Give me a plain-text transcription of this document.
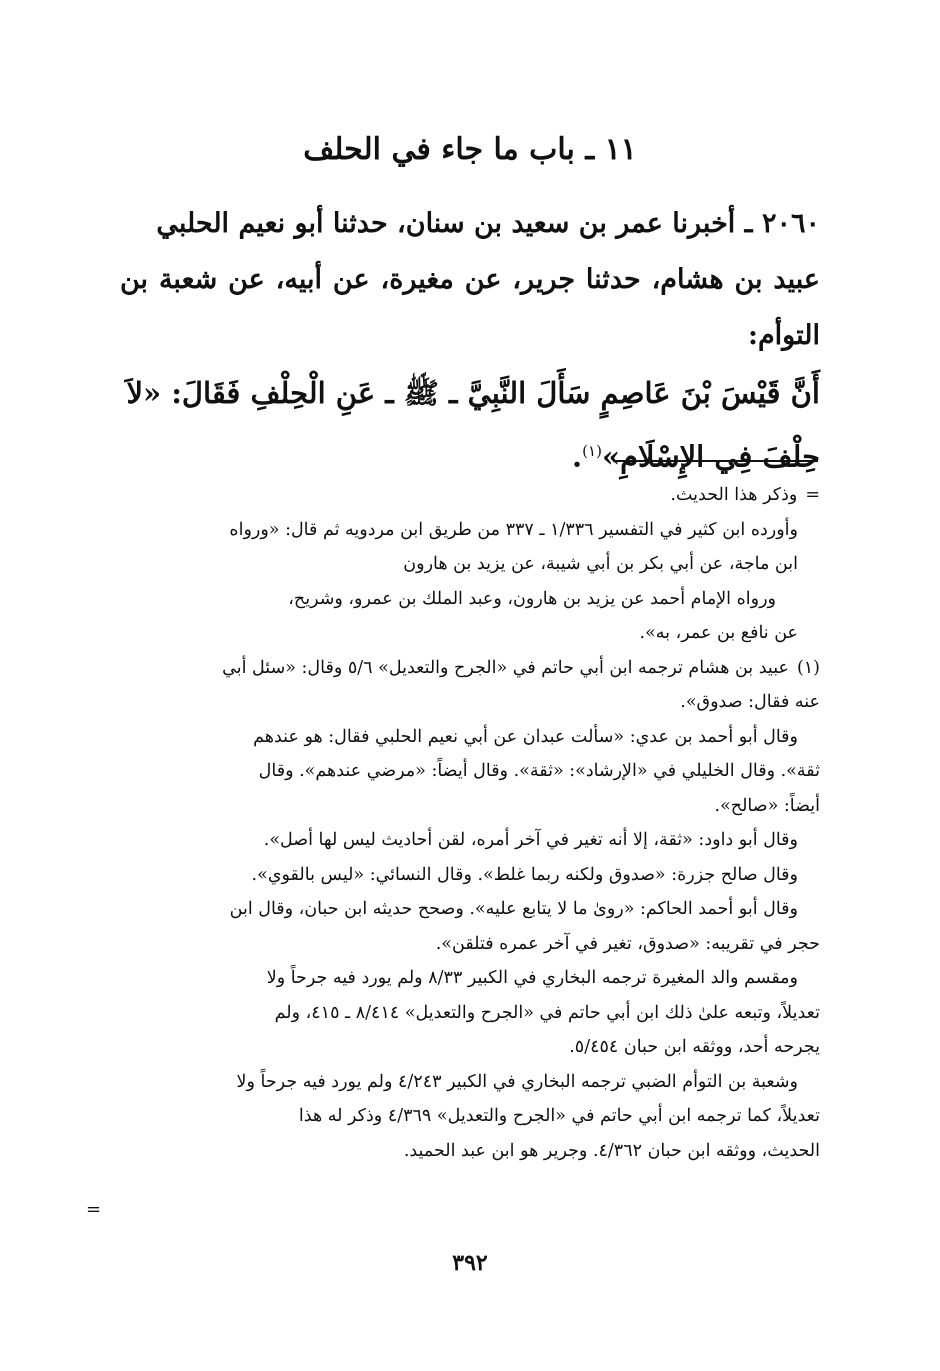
١١ ـ باب ما جاء في الحلف

٢٠٦٠ ـ أخبرنا عمر بن سعيد بن سنان، حدثنا أبو نعيم الحلبي

عبيد بن هشام، حدثنا جرير، عن مغيرة، عن أبيه، عن شعبة بن التوأم:

أَنَّ قَيْسَ بْنَ عَاصِمٍ سَأَلَ النَّبِيَّ ـ ﷺ ـ عَنِ الْحِلْفِ فَقَالَ: «لاَ

حِلْفَ فِي الإِسْلَامِ»$^{(١)}$.

=
وذكر هذا الحديث.

وأورده ابن كثير في التفسير ١/٣٣٦ ـ ٣٣٧ من طريق ابن مردويه ثم قال: «ورواه

ابن ماجة، عن أبي بكر بن أبي شيبة، عن يزيد بن هارون

ورواه الإمام أحمد عن يزيد بن هارون، وعبد الملك بن عمرو، وشريح،

عن نافع بن عمر، به».

(١)
عبيد بن هشام ترجمه ابن أبي حاتم في «الجرح والتعديل» ٥/٦ وقال: «سئل أبي

عنه فقال: صدوق».

وقال أبو أحمد بن عدي: «سألت عبدان عن أبي نعيم الحلبي فقال: هو عندهم

ثقة». وقال الخليلي في «الإرشاد»: «ثقة». وقال أيضاً: «مرضي عندهم». وقال

أيضاً: «صالح».

وقال أبو داود: «ثقة، إلا أنه تغير في آخر أمره، لقن أحاديث ليس لها أصل».

وقال صالح جزرة: «صدوق ولكنه ربما غلط». وقال النسائي: «ليس بالقوي».

وقال أبو أحمد الحاكم: «روىٰ ما لا يتابع عليه». وصحح حديثه ابن حبان، وقال ابن

حجر في تقريبه: «صدوق، تغير في آخر عمره فتلقن».

ومقسم والد المغيرة ترجمه البخاري في الكبير ٨/٣٣ ولم يورد فيه جرحاً ولا

تعديلاً، وتبعه علىٰ ذلك ابن أبي حاتم في «الجرح والتعديل» ٨/٤١٤ ـ ٤١٥، ولم

يجرحه أحد، ووثقه ابن حبان ٥/٤٥٤.

وشعبة بن التوأم الضبي ترجمه البخاري في الكبير ٤/٢٤٣ ولم يورد فيه جرحاً ولا

تعديلاً، كما ترجمه ابن أبي حاتم في «الجرح والتعديل» ٤/٣٦٩ وذكر له هذا

الحديث، ووثقه ابن حبان ٤/٣٦٢. وجرير هو ابن عبد الحميد.

=
٣٩٢
